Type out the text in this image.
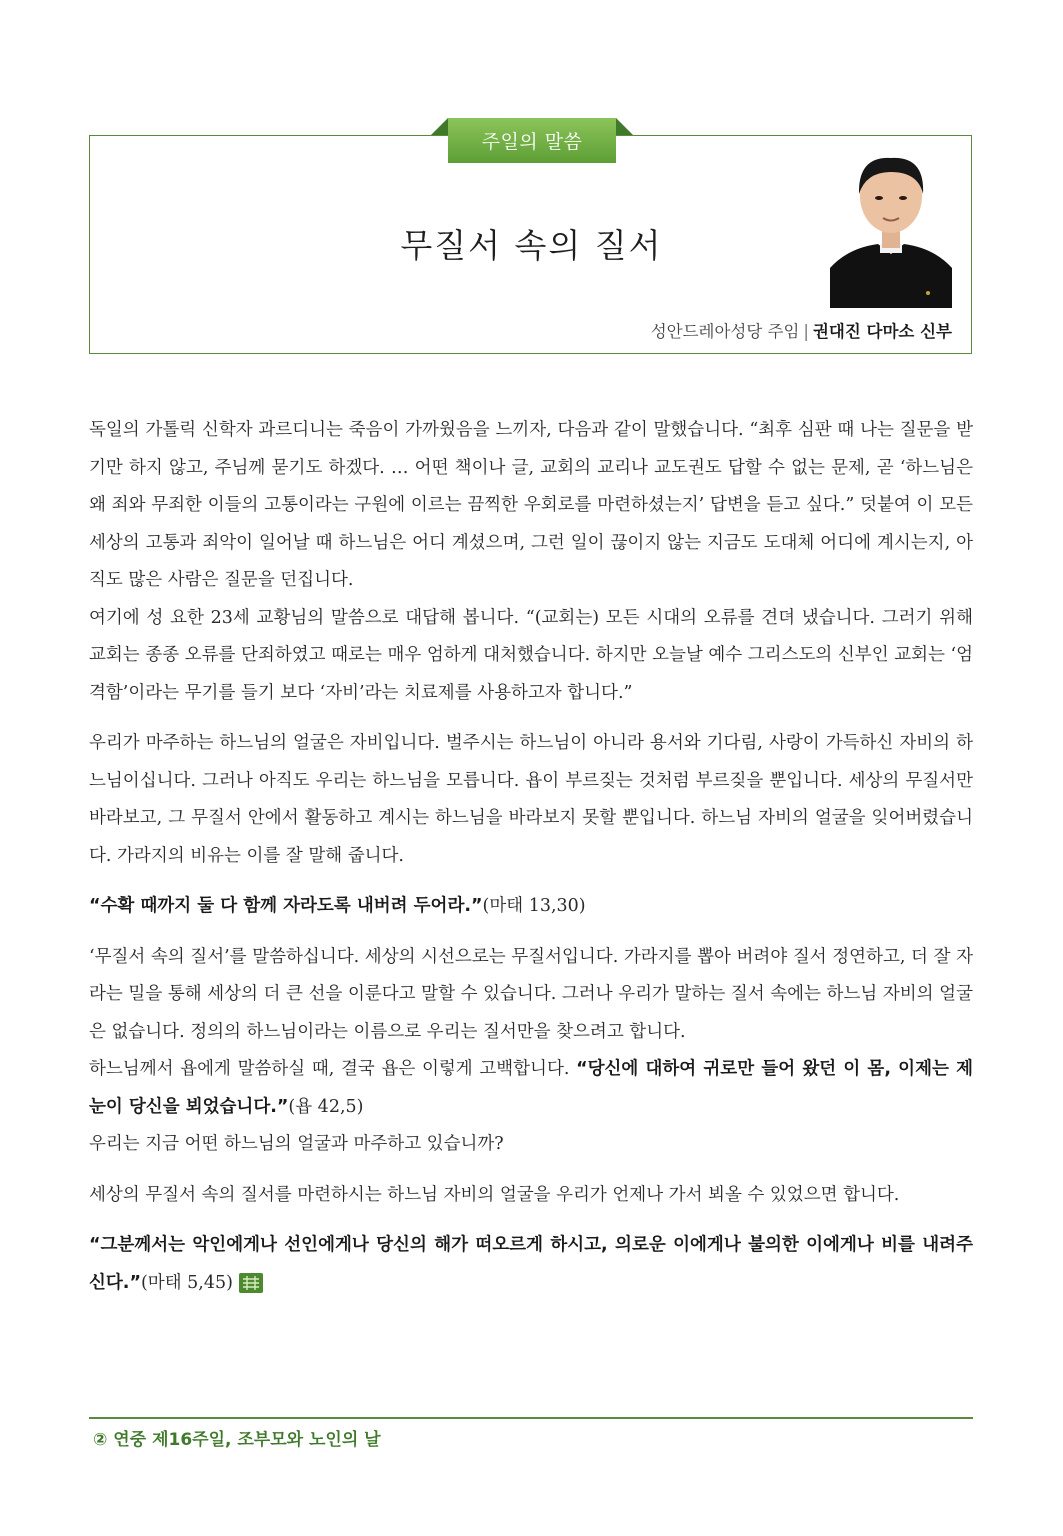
주일의 말씀
무질서 속의 질서
성안드레아성당 주임 | 권대진 다마소 신부

독일의 가톨릭 신학자 과르디니는 죽음이 가까웠음을 느끼자, 다음과 같이 말했습니다. “최후 심판 때 나는 질문을 받기만 하지 않고, 주님께 묻기도 하겠다. … 어떤 책이나 글, 교회의 교리나 교도권도 답할 수 없는 문제, 곧 ‘하느님은 왜 죄와 무죄한 이들의 고통이라는 구원에 이르는 끔찍한 우회로를 마련하셨는지’ 답변을 듣고 싶다.” 덧붙여 이 모든 세상의 고통과 죄악이 일어날 때 하느님은 어디 계셨으며, 그런 일이 끊이지 않는 지금도 도대체 어디에 계시는지, 아직도 많은 사람은 질문을 던집니다.

여기에 성 요한 23세 교황님의 말씀으로 대답해 봅니다. “(교회는) 모든 시대의 오류를 견뎌 냈습니다. 그러기 위해 교회는 종종 오류를 단죄하였고 때로는 매우 엄하게 대처했습니다. 하지만 오늘날 예수 그리스도의 신부인 교회는 ‘엄격함’이라는 무기를 들기 보다 ‘자비’라는 치료제를 사용하고자 합니다.”

우리가 마주하는 하느님의 얼굴은 자비입니다. 벌주시는 하느님이 아니라 용서와 기다림, 사랑이 가득하신 자비의 하느님이십니다. 그러나 아직도 우리는 하느님을 모릅니다. 욥이 부르짖는 것처럼 부르짖을 뿐입니다. 세상의 무질서만 바라보고, 그 무질서 안에서 활동하고 계시는 하느님을 바라보지 못할 뿐입니다. 하느님 자비의 얼굴을 잊어버렸습니다. 가라지의 비유는 이를 잘 말해 줍니다.

“수확 때까지 둘 다 함께 자라도록 내버려 두어라.”(마태 13,30)

‘무질서 속의 질서’를 말씀하십니다. 세상의 시선으로는 무질서입니다. 가라지를 뽑아 버려야 질서 정연하고, 더 잘 자라는 밀을 통해 세상의 더 큰 선을 이룬다고 말할 수 있습니다. 그러나 우리가 말하는 질서 속에는 하느님 자비의 얼굴은 없습니다. 정의의 하느님이라는 이름으로 우리는 질서만을 찾으려고 합니다.

하느님께서 욥에게 말씀하실 때, 결국 욥은 이렇게 고백합니다. “당신에 대하여 귀로만 들어 왔던 이 몸, 이제는 제 눈이 당신을 뵈었습니다.”(욥 42,5)

우리는 지금 어떤 하느님의 얼굴과 마주하고 있습니까?

세상의 무질서 속의 질서를 마련하시는 하느님 자비의 얼굴을 우리가 언제나 가서 뵈올 수 있었으면 합니다.

“그분께서는 악인에게나 선인에게나 당신의 해가 떠오르게 하시고, 의로운 이에게나 불의한 이에게나 비를 내려주신다.”(마태 5,45)

② 연중 제16주일, 조부모와 노인의 날
